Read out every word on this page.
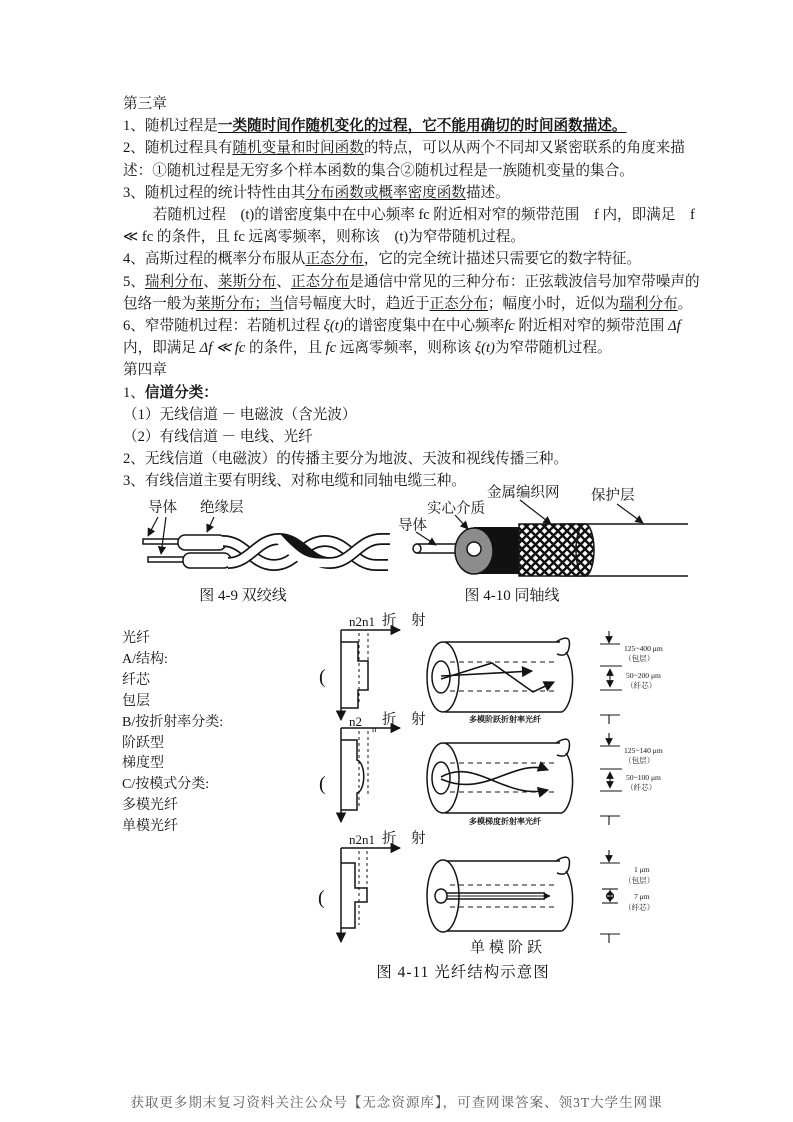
第三章

1、随机过程是一类随时间作随机变化的过程，它不能用确切的时间函数描述。

2、随机过程具有随机变量和时间函数的特点，可以从两个不同却又紧密联系的角度来描述：①随机过程是无穷多个样本函数的集合②随机过程是一族随机变量的集合。

3、随机过程的统计特性由其分布函数或概率密度函数描述。

若随机过程　(t)的谱密度集中在中心频率 fc 附近相对窄的频带范围　f 内，即满足　f ≪ fc 的条件，且 fc 远离零频率，则称该　(t)为窄带随机过程。

4、高斯过程的概率分布服从正态分布，它的完全统计描述只需要它的数字特征。

5、瑞利分布、莱斯分布、正态分布是通信中常见的三种分布：正弦载波信号加窄带噪声的包络一般为莱斯分布；当信号幅度大时，趋近于正态分布；幅度小时，近似为瑞利分布。

6、窄带随机过程：若随机过程 ξ(t)的谱密度集中在中心频率fc 附近相对窄的频带范围 Δf 内，即满足 Δf ≪ fc 的条件，且 fc 远离零频率，则称该 ξ(t)为窄带随机过程。

第四章

1、信道分类：

（1）无线信道 － 电磁波（含光波）

（2）有线信道 － 电线、光纤

2、无线信道（电磁波）的传播主要分为地波、天波和视线传播三种。

3、有线信道主要有明线、对称电缆和同轴电缆三种。

导体 绝缘层
图 4-9 双绞线
导体
实心介质
金属编织网 保护层
图 4-10 同轴线
光纤
A/结构:
纤芯
包层
B/按折射率分类:
阶跃型
梯度型
C/按模式分类:
多模光纤
单模光纤
n2n1 折　射
(
多模阶跃折射率光纤
125~400 μm
（包层）
50~200 μm
（纤芯）
n2 n
折　射
(
多模梯度折射率光纤
125~140 μm
（包层）
50~100 μm
（纤芯）
n2n1 折　射
(
单模阶跃
1 μm
（包层）
7 μm
（纤芯）
图 4-11 光纤结构示意图
获取更多期末复习资料关注公众号【无念资源库】，可查网课答案、领3T大学生网课
